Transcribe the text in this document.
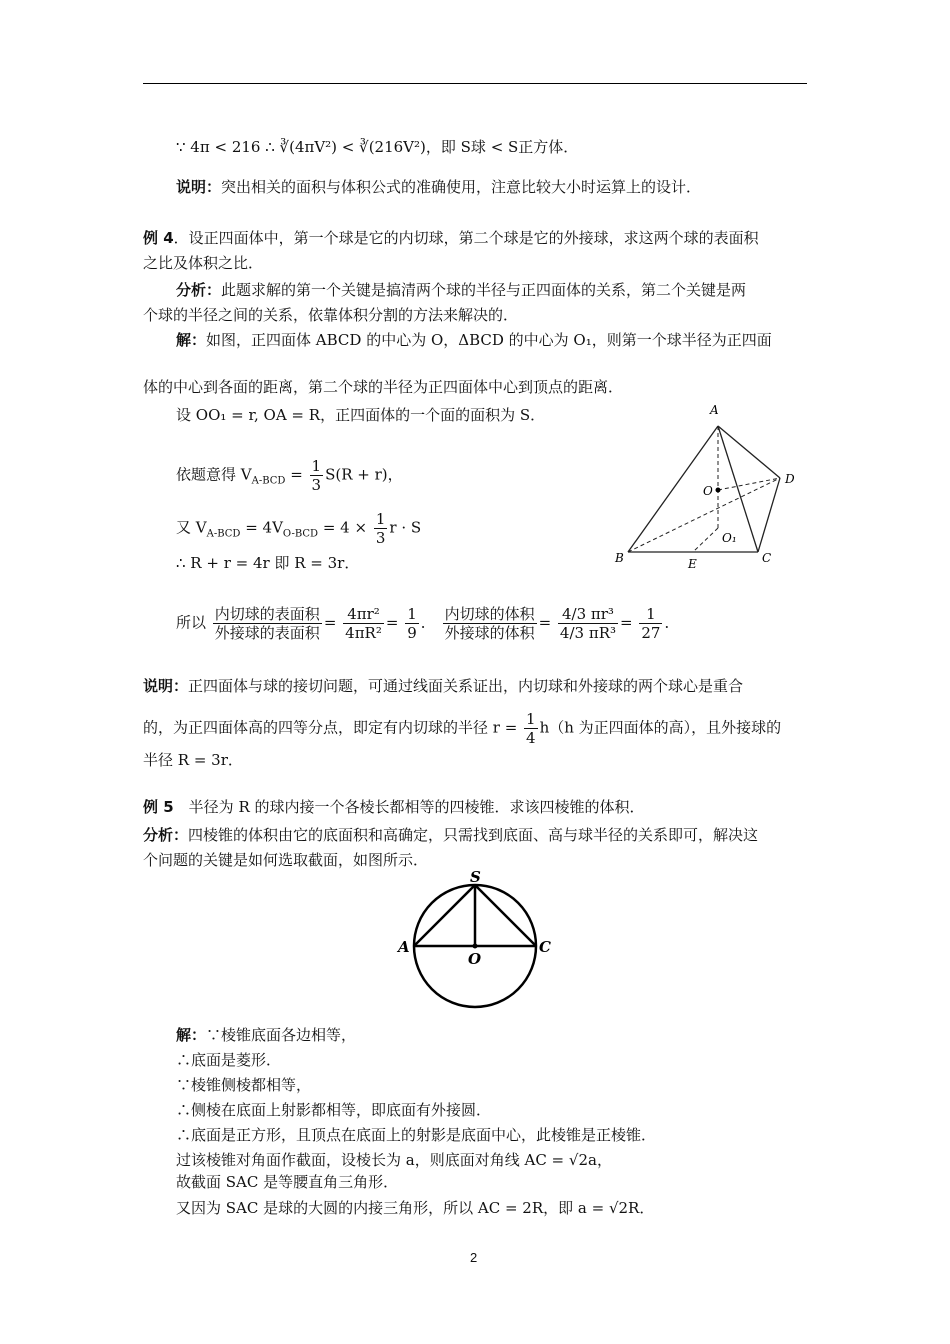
∵ 4π < 216 ∴ ∛(4πV²) < ∛(216V²)，即 S球 < S正方体．
说明：突出相关的面积与体积公式的准确使用，注意比较大小时运算上的设计．
例 4．设正四面体中，第一个球是它的内切球，第二个球是它的外接球，求这两个球的表面积
之比及体积之比．
分析：此题求解的第一个关键是搞清两个球的半径与正四面体的关系，第二个关键是两
个球的半径之间的关系，依靠体积分割的方法来解决的．
解：如图，正四面体 ABCD 的中心为 O，ΔBCD 的中心为 O₁，则第一个球半径为正四面
体的中心到各面的距离，第二个球的半径为正四面体中心到顶点的距离．
设 OO₁ = r, OA = R，正四面体的一个面的面积为 S．
依题意得 $V_{A-BCD} = \frac{1}{3} S(R + r)$，
又 $V_{A-BCD} = 4V_{O-BCD} = 4 \times \frac{1}{3}$ r · S
∴ R + r = 4r 即 R = 3r．
所以 $\frac{\text{内切球的表面积}}{\text{外接球的表面积}} = \frac{\text{4πr²}}{\text{4πR²}} = \frac{1}{9}$ ． $\frac{\text{内切球的体积}}{\text{外接球的体积}} = \frac{\text{4/3 πr³}}{\text{4/3 πR³}} = \frac{1}{27}$ ．
说明：正四面体与球的接切问题，可通过线面关系证出，内切球和外接球的两个球心是重合
的，为正四面体高的四等分点，即定有内切球的半径 $r = \frac{1}{4} h(h$ 为正四面体的高），且外接球的
半径 R = 3r．
例 5　半径为 R 的球内接一个各棱长都相等的四棱锥．求该四棱锥的体积．
分析：四棱锥的体积由它的底面积和高确定，只需找到底面、高与球半径的关系即可，解决这
个问题的关键是如何选取截面，如图所示．
解：∵棱锥底面各边相等，
∴底面是菱形．
∵棱锥侧棱都相等，
∴侧棱在底面上射影都相等，即底面有外接圆．
∴底面是正方形，且顶点在底面上的射影是底面中心，此棱锥是正棱锥．
过该棱锥对角面作截面，设棱长为 a，则底面对角线 AC = √2a，
故截面 SAC 是等腰直角三角形．
又因为 SAC 是球的大圆的内接三角形，所以 AC = 2R，即 a = √2R．
A
B	C
D
O
O₁
E
S
A
O
C
2
